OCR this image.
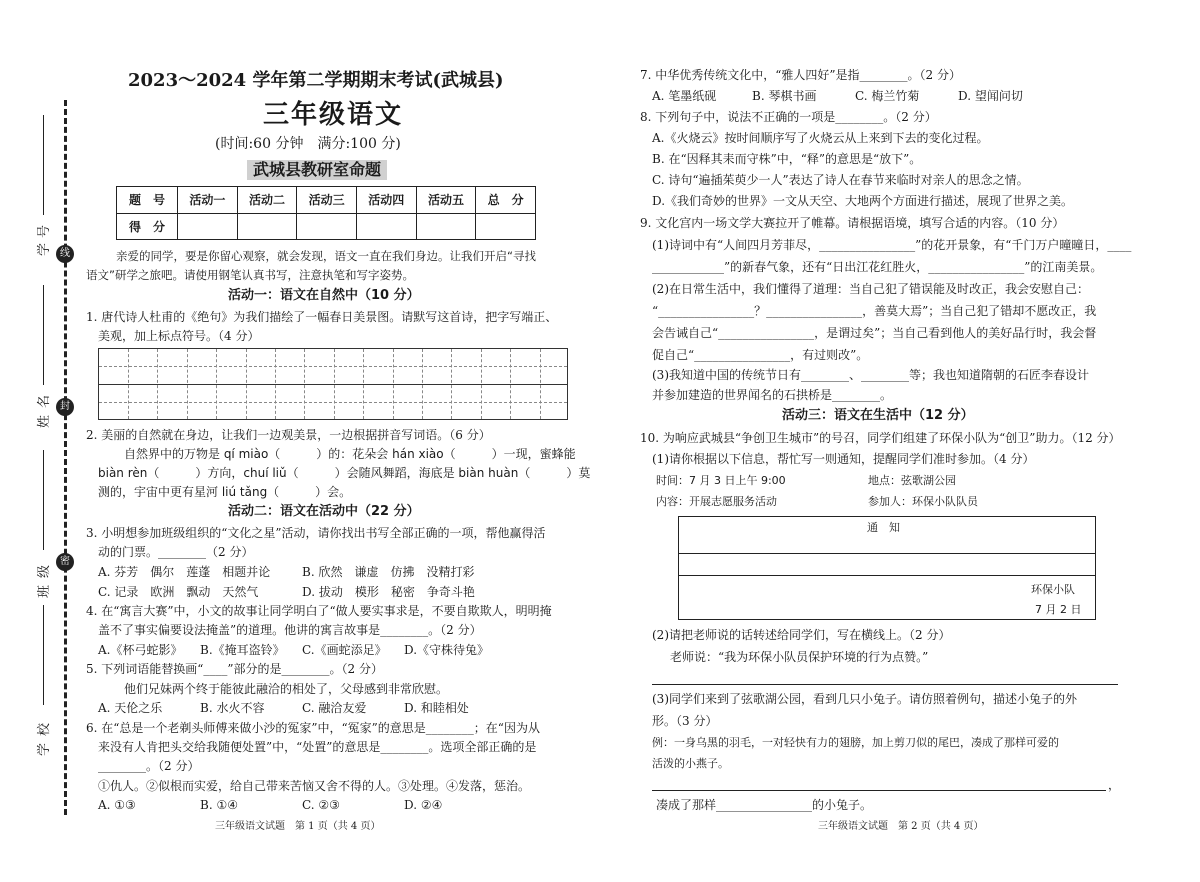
线
封
密
学
号
姓
名
班
级
学
校
2023～2024 学年第二学期期末考试(武城县)
三年级语文
(时间:60 分钟　满分:100 分)
武城县教研室命题
题　号	活动一	活动二	活动三	活动四	活动五	总　分
得　分						
亲爱的同学，要是你留心观察，就会发现，语文一直在我们身边。让我们开启“寻找
语文”研学之旅吧。请使用钢笔认真书写，注意执笔和写字姿势。
活动一：语文在自然中（10 分）
1. 唐代诗人杜甫的《绝句》为我们描绘了一幅春日美景图。请默写这首诗，把字写端正、
美观，加上标点符号。（4 分）
2. 美丽的自然就在身边，让我们一边观美景，一边根据拼音写词语。（6 分）
自然界中的万物是 qí miào（　　　）的：花朵会 hán xiào（　　　）一现，蜜蜂能
biàn rèn（　　　）方向，chuí liǔ（　　　）会随风舞蹈，海底是 biàn huàn（　　　）莫
测的，宇宙中更有星河 liú tǎng（　　　）会。
活动二：语文在活动中（22 分）
3. 小明想参加班级组织的“文化之星”活动，请你找出书写全部正确的一项，帮他赢得活
动的门票。________（2 分）
A. 芬芳　偶尔　莲蓬　相题并论	B. 欣然　谦虚　仿拂　没精打彩
C. 记录　欧洲　飘动　天然气	D. 拔动　模形　秘密　争奇斗艳
4. 在“寓言大赛”中，小文的故事让同学明白了“做人要实事求是，不要自欺欺人，明明掩
盖不了事实偏要设法掩盖”的道理。他讲的寓言故事是________。（2 分）
A.《杯弓蛇影》 B.《掩耳盗铃》 C.《画蛇添足》 D.《守株待兔》
5. 下列词语能替换画“____”部分的是________。（2 分）
他们兄妹两个终于能彼此融洽的相处了，父母感到非常欣慰。
A. 天伦之乐	B. 水火不容	C. 融洽友爱	D. 和睦相处
6. 在“总是一个老剃头师傅来做小沙的冤家”中，“冤家”的意思是________；在“因为从
来没有人肯把头交给我随便处置”中，“处置”的意思是________。选项全部正确的是
________。（2 分）
①仇人。②似根而实爱，给自己带来苦恼又舍不得的人。③处理。④发落，惩治。
A. ①③	B. ①④	C. ②③	D. ②④
三年级语文试题　第 1 页（共 4 页）
7. 中华优秀传统文化中，“雅人四好”是指________。（2 分）
A. 笔墨纸砚	B. 琴棋书画	C. 梅兰竹菊	D. 望闻问切
8. 下列句子中，说法不正确的一项是________。（2 分）
A.《火烧云》按时间顺序写了火烧云从上来到下去的变化过程。
B. 在“因释其耒而守株”中，“释”的意思是“放下”。
C. 诗句“遍插茱萸少一人”表达了诗人在春节来临时对亲人的思念之情。
D.《我们奇妙的世界》一文从天空、大地两个方面进行描述，展现了世界之美。
9. 文化宫内一场文学大赛拉开了帷幕。请根据语境，填写合适的内容。（10 分）
(1)诗词中有“人间四月芳菲尽，________________”的花开景象，有“千门万户曈曈日，____
____________”的新春气象，还有“日出江花红胜火，________________”的江南美景。
(2)在日常生活中，我们懂得了道理：当自己犯了错误能及时改正，我会安慰自己：
“________________？________________，善莫大焉”；当自己犯了错却不愿改正，我
会告诫自己“________________，是谓过矣”；当自己看到他人的美好品行时，我会督
促自己“________________，有过则改”。
(3)我知道中国的传统节日有________、________等；我也知道隋朝的石匠李春设计
并参加建造的世界闻名的石拱桥是________。
活动三：语文在生活中（12 分）
10. 为响应武城县“争创卫生城市”的号召，同学们组建了环保小队为“创卫”助力。（12 分）
(1)请你根据以下信息，帮忙写一则通知，提醒同学们准时参加。（4 分）
时间：7 月 3 日上午 9:00	地点：弦歌湖公园
内容：开展志愿服务活动	参加人：环保小队队员
通　知
环保小队
7 月 2 日
(2)请把老师说的话转述给同学们，写在横线上。（2 分）
老师说：“我为环保小队员保护环境的行为点赞。”
(3)同学们来到了弦歌湖公园，看到几只小兔子。请仿照着例句，描述小兔子的外
形。（3 分）
例：一身乌黑的羽毛，一对轻快有力的翅膀，加上剪刀似的尾巴，凑成了那样可爱的
活泼的小燕子。
，
凑成了那样________________的小兔子。
三年级语文试题　第 2 页（共 4 页）
